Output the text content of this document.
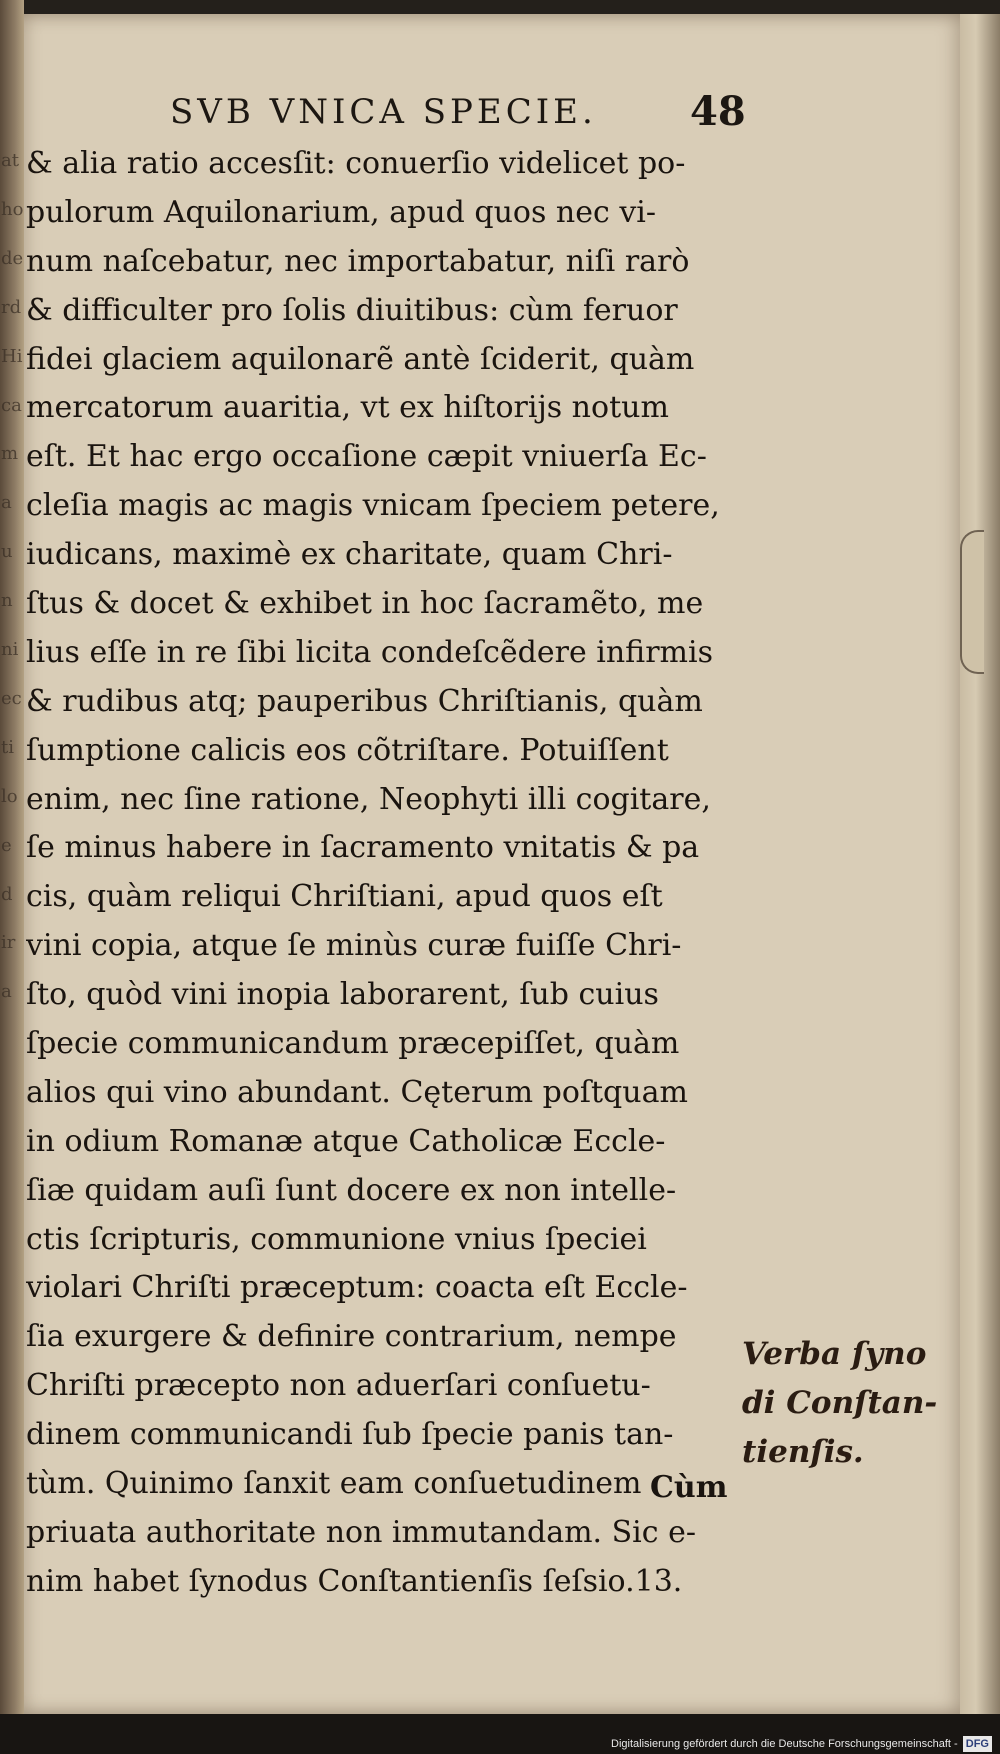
at
ho
de
rd
Hi
ca
m
a
u
n
ni
ec
ti
lo
e
d
ir
a
SVB VNICA SPECIE.	48
& alia ratio accesſit: conuerſio videlicet po-
pulorum Aquilonarium, apud quos nec vi-
num naſcebatur, nec importabatur, niſi rarò
& difficulter pro ſolis diuitibus: cùm feruor
fidei glaciem aquilonarẽ antè ſciderit, quàm
mercatorum auaritia, vt ex hiſtorijs notum
eſt. Et hac ergo occaſione cæpit vniuerſa Ec-
cleſia magis ac magis vnicam ſpeciem petere,
iudicans, maximè ex charitate, quam Chri-
ſtus & docet & exhibet in hoc ſacramẽto, me
lius eſſe in re ſibi licita condeſcẽdere infirmis
& rudibus atq; pauperibus Chriſtianis, quàm
ſumptione calicis eos cõtriſtare. Potuiſſent
enim, nec ſine ratione, Neophyti illi cogitare,
ſe minus habere in ſacramento vnitatis & pa
cis, quàm reliqui Chriſtiani, apud quos eſt
vini copia, atque ſe minùs curæ fuiſſe Chri-
ſto, quòd vini inopia laborarent, ſub cuius
ſpecie communicandum præcepiſſet, quàm
alios qui vino abundant. Cęterum poſtquam
in odium Romanæ atque Catholicæ Eccle-
ſiæ quidam auſi ſunt docere ex non intelle-
ctis ſcripturis, communione vnius ſpeciei
violari Chriſti præceptum: coacta eſt Eccle-
ſia exurgere & definire contrarium, nempe
Chriſti præcepto non aduerſari conſuetu-
dinem communicandi ſub ſpecie panis tan-
tùm. Quinimo ſanxit eam conſuetudinem
priuata authoritate non immutandam. Sic e-
nim habet ſynodus Conſtantienſis ſeſsio.13.
Verba ſyno
di Conſtan-
tienſis.
Cùm
Digitalisierung gefördert durch die Deutsche Forschungsgemeinschaft - DFG
